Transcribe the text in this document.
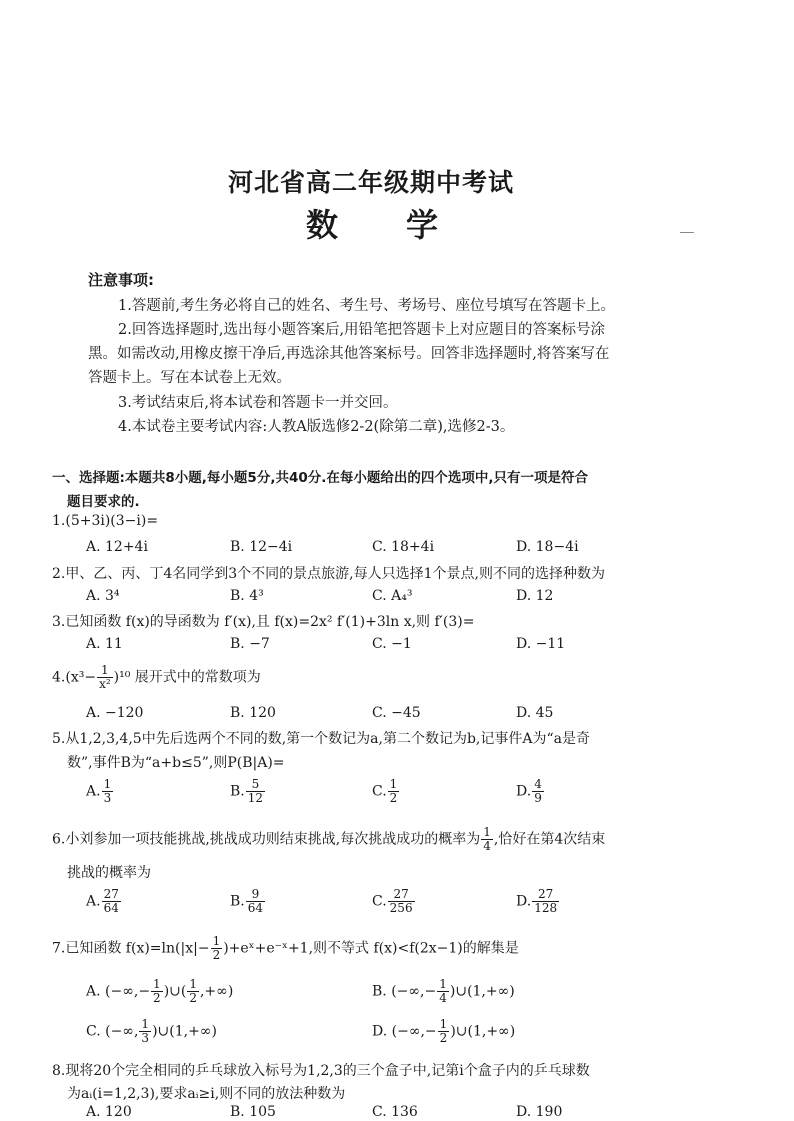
河北省高二年级期中考试
数学
注意事项:
1.答题前,考生务必将自己的姓名、考生号、考场号、座位号填写在答题卡上。
2.回答选择题时,选出每小题答案后,用铅笔把答题卡上对应题目的答案标号涂
黑。如需改动,用橡皮擦干净后,再选涂其他答案标号。回答非选择题时,将答案写在
答题卡上。写在本试卷上无效。
3.考试结束后,将本试卷和答题卡一并交回。
4.本试卷主要考试内容:人教A版选修2-2(除第二章),选修2-3。
一、选择题:本题共8小题,每小题5分,共40分.在每小题给出的四个选项中,只有一项是符合
题目要求的.
1.(5+3i)(3−i)=
A. 12+4i	B. 12−4i	C. 18+4i	D. 18−4i
2.甲、乙、丙、丁4名同学到3个不同的景点旅游,每人只选择1个景点,则不同的选择种数为
A. 3⁴	B. 4³	C. A₄³	D. 12
3.已知函数 f(x)的导函数为 f′(x),且 f(x)=2x² f′(1)+3ln x,则 f′(3)=
A. 11	B. −7	C. −1	D. −11
$4.(x^3- \frac{1}{\text{x²}} )^{10}$ 展开式中的常数项为
A. −120	B. 120	C. −45	D. 45
5.从1,2,3,4,5中先后选两个不同的数,第一个数记为a,第二个数记为b,记事件A为“a是奇
数”,事件B为“a+b≤5”,则P(B|A)=
A. $\frac{1}{3}$	B. $\frac{5}{12}$	C. $\frac{1}{2}$	D. $\frac{4}{9}$
6.小刘参加一项技能挑战,挑战成功则结束挑战,每次挑战成功的概率为 $\frac{1}{4}$ ,恰好在第4次结束
挑战的概率为
A. $\frac{27}{64}$	B. $\frac{9}{64}$	C. $\frac{27}{256}$	D. $\frac{27}{128}$
7.已知函数 $f(x)=\ln(|x|- \frac{1}{2}$ )+eˣ+e⁻ˣ+1,则不等式 f(x)<f(2x−1)的解集是
A. (−∞,− $\frac{1}{2}$ )∪( $\frac{1}{2}$ ,+∞)	B. (−∞,− $\frac{1}{4}$ )∪(1,+∞)
C. (−∞, $\frac{1}{3}$ )∪(1,+∞)	D. (−∞,− $\frac{1}{2}$ )∪(1,+∞)
8.现将20个完全相同的乒乓球放入标号为1,2,3的三个盒子中,记第i个盒子内的乒乓球数
为aᵢ(i=1,2,3),要求aᵢ≥i,则不同的放法种数为
A. 120	B. 105	C. 136	D. 190
